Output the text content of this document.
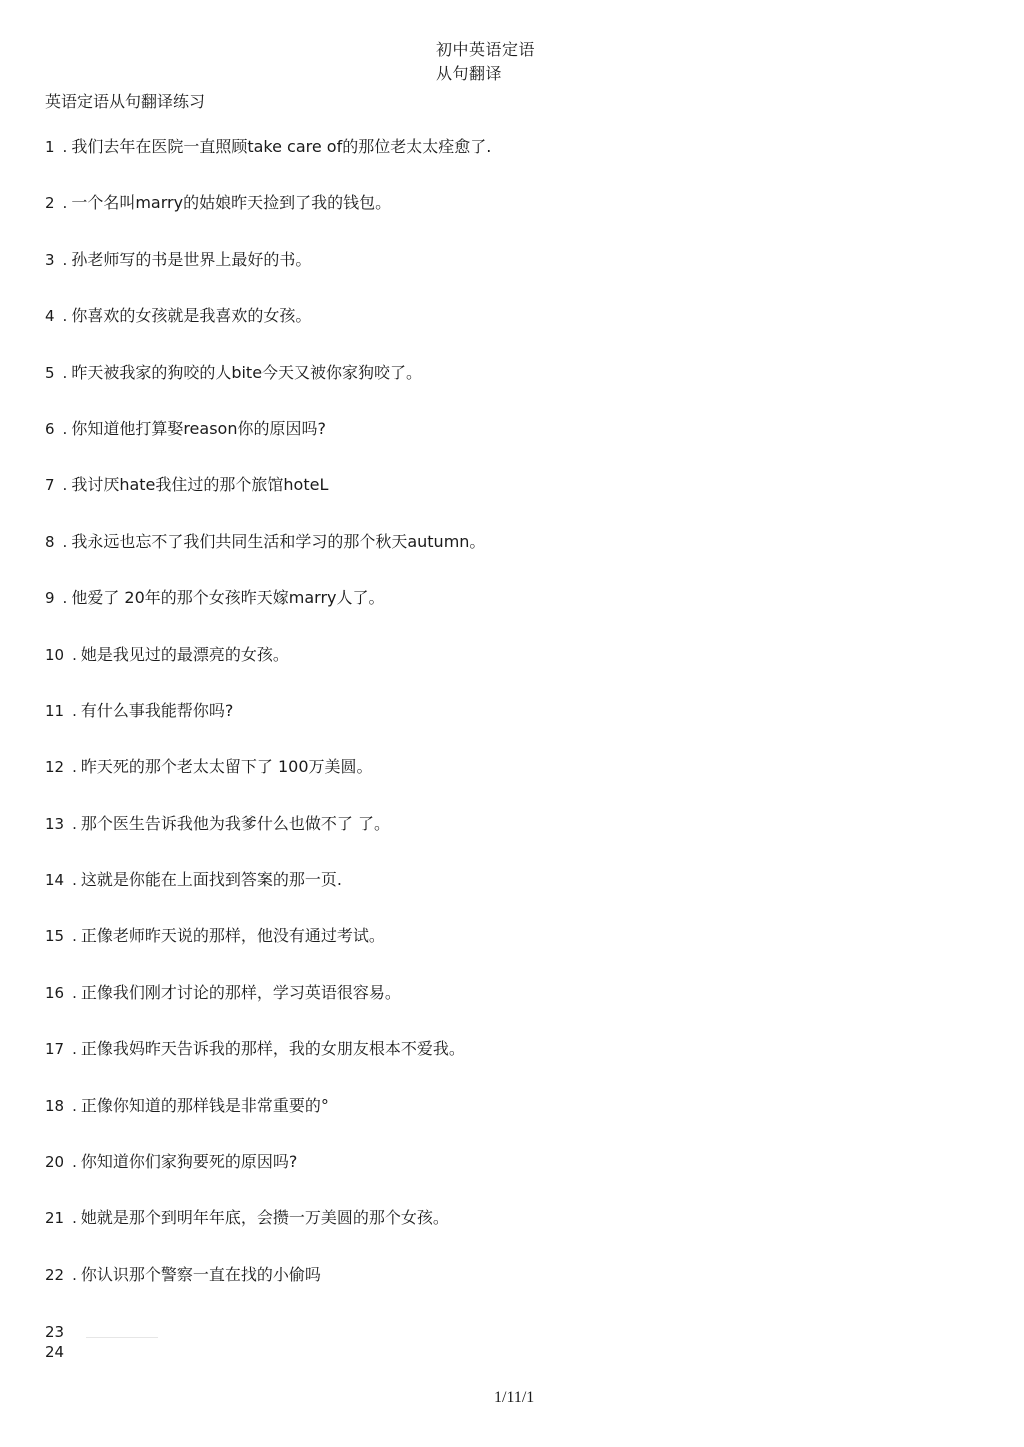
初中英语定语
从句翻译
英语定语从句翻译练习
1 . 我们去年在医院一直照顾take care of的那位老太太痊愈了.
2 . 一个名叫marry的姑娘昨天捡到了我的钱包。
3 . 孙老师写的书是世界上最好的书。
4 . 你喜欢的女孩就是我喜欢的女孩。
5 . 昨天被我家的狗咬的人bite今天又被你家狗咬了。
6 . 你知道他打算娶reason你的原因吗?
7 . 我讨厌hate我住过的那个旅馆hoteL
8 . 我永远也忘不了我们共同生活和学习的那个秋天autumn。
9 . 他爱了 20年的那个女孩昨天嫁marry人了。
10 . 她是我见过的最漂亮的女孩。
11 . 有什么事我能帮你吗?
12 . 昨天死的那个老太太留下了 100万美圆。
13 . 那个医生告诉我他为我爹什么也做不了 了。
14 . 这就是你能在上面找到答案的那一页.
15 . 正像老师昨天说的那样，他没有通过考试。
16 . 正像我们刚才讨论的那样，学习英语很容易。
17 . 正像我妈昨天告诉我的那样，我的女朋友根本不爱我。
18 . 正像你知道的那样钱是非常重要的°
20 . 你知道你们家狗要死的原因吗?
21 . 她就是那个到明年年底，会攒一万美圆的那个女孩。
22 . 你认识那个警察一直在找的小偷吗
23
24
1/11/1
